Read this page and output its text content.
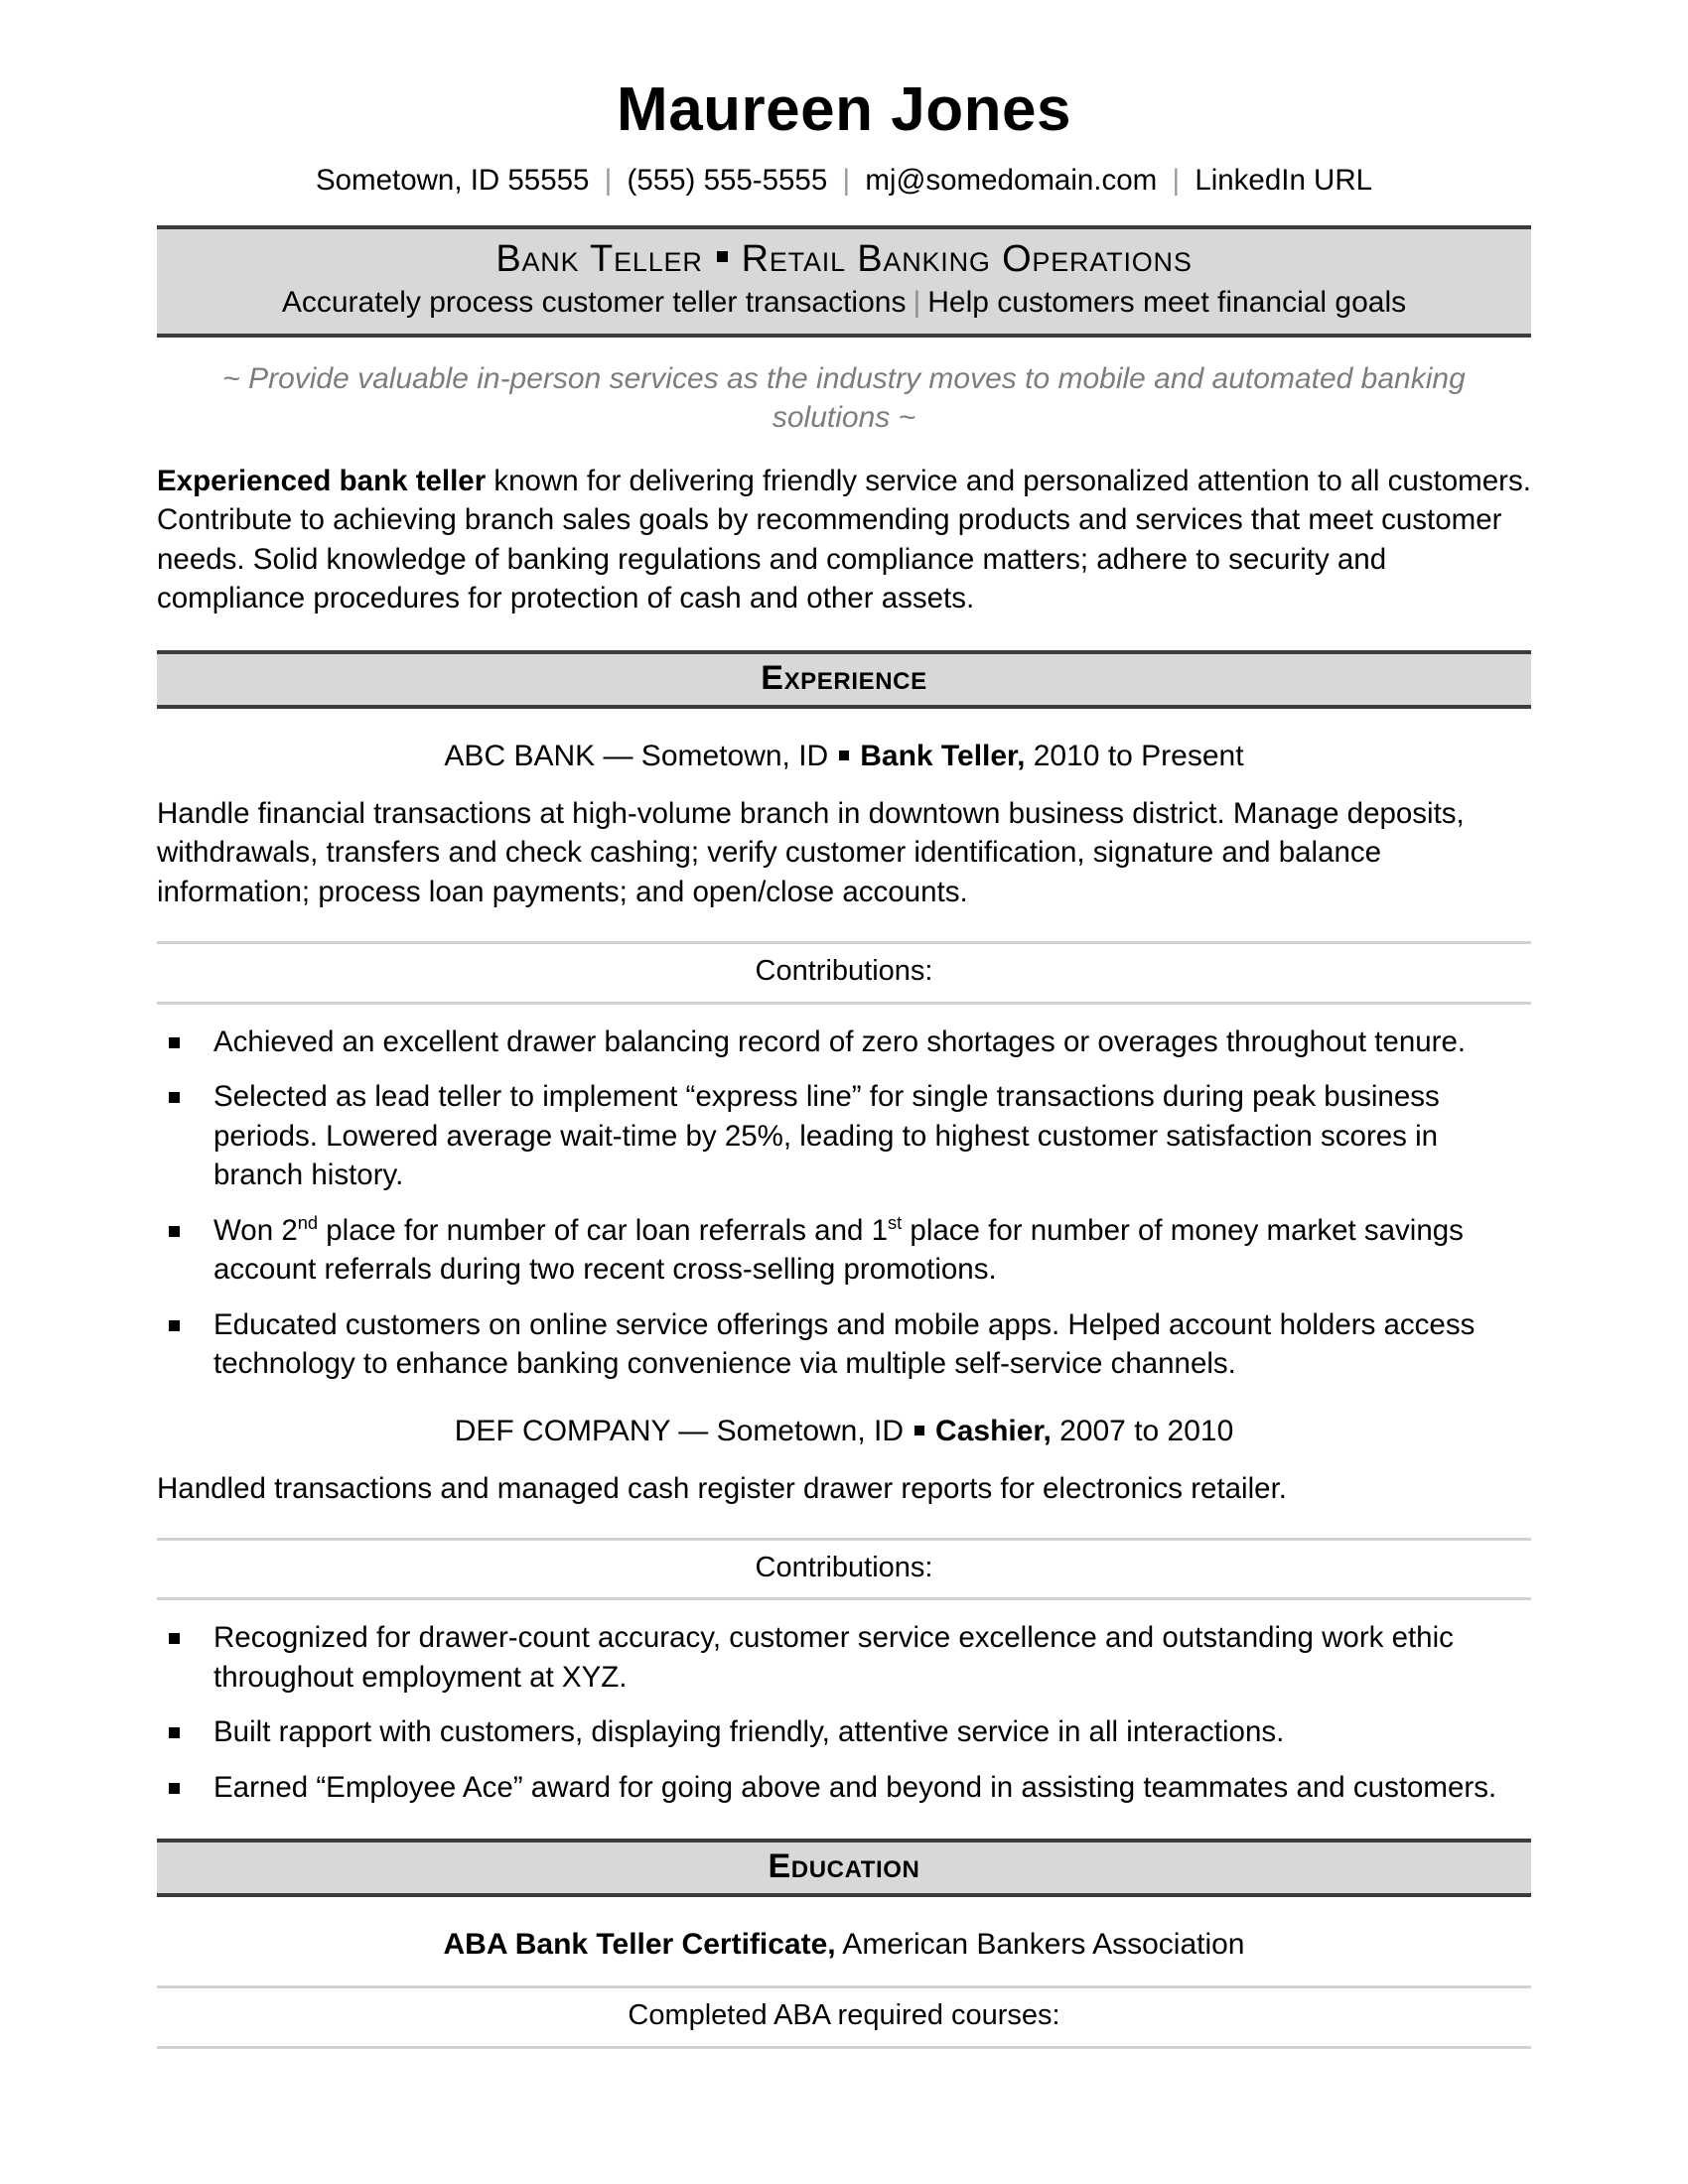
Maureen Jones
Sometown, ID 55555 | (555) 555-5555 | mj@somedomain.com | LinkedIn URL
Bank Teller Retail Banking Operations
Accurately process customer teller transactions | Help customers meet financial goals
~ Provide valuable in-person services as the industry moves to mobile and automated banking solutions ~

Experienced bank teller known for delivering friendly service and personalized attention to all customers. Contribute to achieving branch sales goals by recommending products and services that meet customer needs. Solid knowledge of banking regulations and compliance matters; adhere to security and compliance procedures for protection of cash and other assets.

Experience
ABC BANK — Sometown, ID Bank Teller, 2010 to Present

Handle financial transactions at high-volume branch in downtown business district. Manage deposits, withdrawals, transfers and check cashing; verify customer identification, signature and balance information; process loan payments; and open/close accounts.

Contributions:
Achieved an excellent drawer balancing record of zero shortages or overages throughout tenure.
Selected as lead teller to implement “express line” for single transactions during peak business periods. Lowered average wait-time by 25%, leading to highest customer satisfaction scores in branch history.
Won 2nd place for number of car loan referrals and 1st place for number of money market savings account referrals during two recent cross-selling promotions.
Educated customers on online service offerings and mobile apps. Helped account holders access technology to enhance banking convenience via multiple self-service channels.
DEF COMPANY — Sometown, ID Cashier, 2007 to 2010

Handled transactions and managed cash register drawer reports for electronics retailer.

Contributions:
Recognized for drawer-count accuracy, customer service excellence and outstanding work ethic throughout employment at XYZ.
Built rapport with customers, displaying friendly, attentive service in all interactions.
Earned “Employee Ace” award for going above and beyond in assisting teammates and customers.
Education
ABA Bank Teller Certificate, American Bankers Association
Completed ABA required courses:
